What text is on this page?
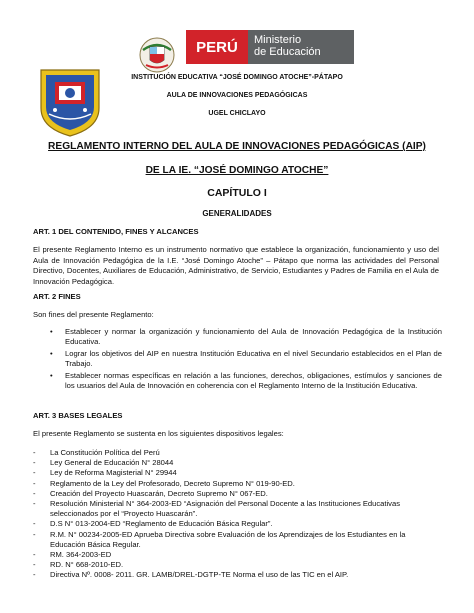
PERÚ	Ministerio
de Educación
INSTITUCIÓN EDUCATIVA “JOSÉ DOMINGO ATOCHE”-PÁTAPO
AULA DE INNOVACIONES PEDAGÓGICAS
UGEL CHICLAYO
REGLAMENTO INTERNO DEL AULA DE INNOVACIONES PEDAGÓGICAS (AIP)
DE LA IE. “JOSÉ DOMINGO ATOCHE”
CAPÍTULO I
GENERALIDADES
ART. 1 DEL CONTENIDO, FINES Y ALCANCES
El presente Reglamento Interno es un instrumento normativo que establece la organización, funcionamiento y uso del Aula de Innovación Pedagógica de la I.E. “José Domingo Atoche” – Pátapo que norma las actividades del Personal Directivo, Docentes, Auxiliares de Educación, Administrativo, de Servicio, Estudiantes y Padres de Familia en el Aula de Innovación Pedagógica.
ART. 2 FINES
Son fines del presente Reglamento:
• Establecer y normar la organización y funcionamiento del Aula de Innovación Pedagógica de la Institución Educativa.
• Lograr los objetivos del AIP en nuestra Institución Educativa en el nivel Secundario establecidos en el Plan de Trabajo.
• Establecer normas específicas en relación a las funciones, derechos, obligaciones, estímulos y sanciones de los usuarios del Aula de Innovación en coherencia con el Reglamento Interno de la Institución Educativa.
ART. 3 BASES LEGALES
El presente Reglamento se sustenta en los siguientes dispositivos legales:
- La Constitución Política del Perú
- Ley General de Educación N° 28044
- Ley de Reforma Magisterial N° 29944
- Reglamento de la Ley del Profesorado, Decreto Supremo N° 019-90-ED.
- Creación del Proyecto Huascarán, Decreto Supremo N° 067-ED.
- Resolución Ministerial N° 364-2003-ED “Asignación del Personal Docente a las Instituciones Educativas seleccionados por el “Proyecto Huascarán”.
- D.S N° 013-2004-ED “Reglamento de Educación Básica Regular”.
- R.M. N° 00234-2005-ED Aprueba Directiva sobre Evaluación de los Aprendizajes de los Estudiantes en la Educación Básica Regular.
- RM. 364-2003-ED
- RD. N° 668-2010-ED.
- Directiva Nº. 0008- 2011. GR. LAMB/DREL-DGTP-TE Norma el uso de las TIC en el AIP.
